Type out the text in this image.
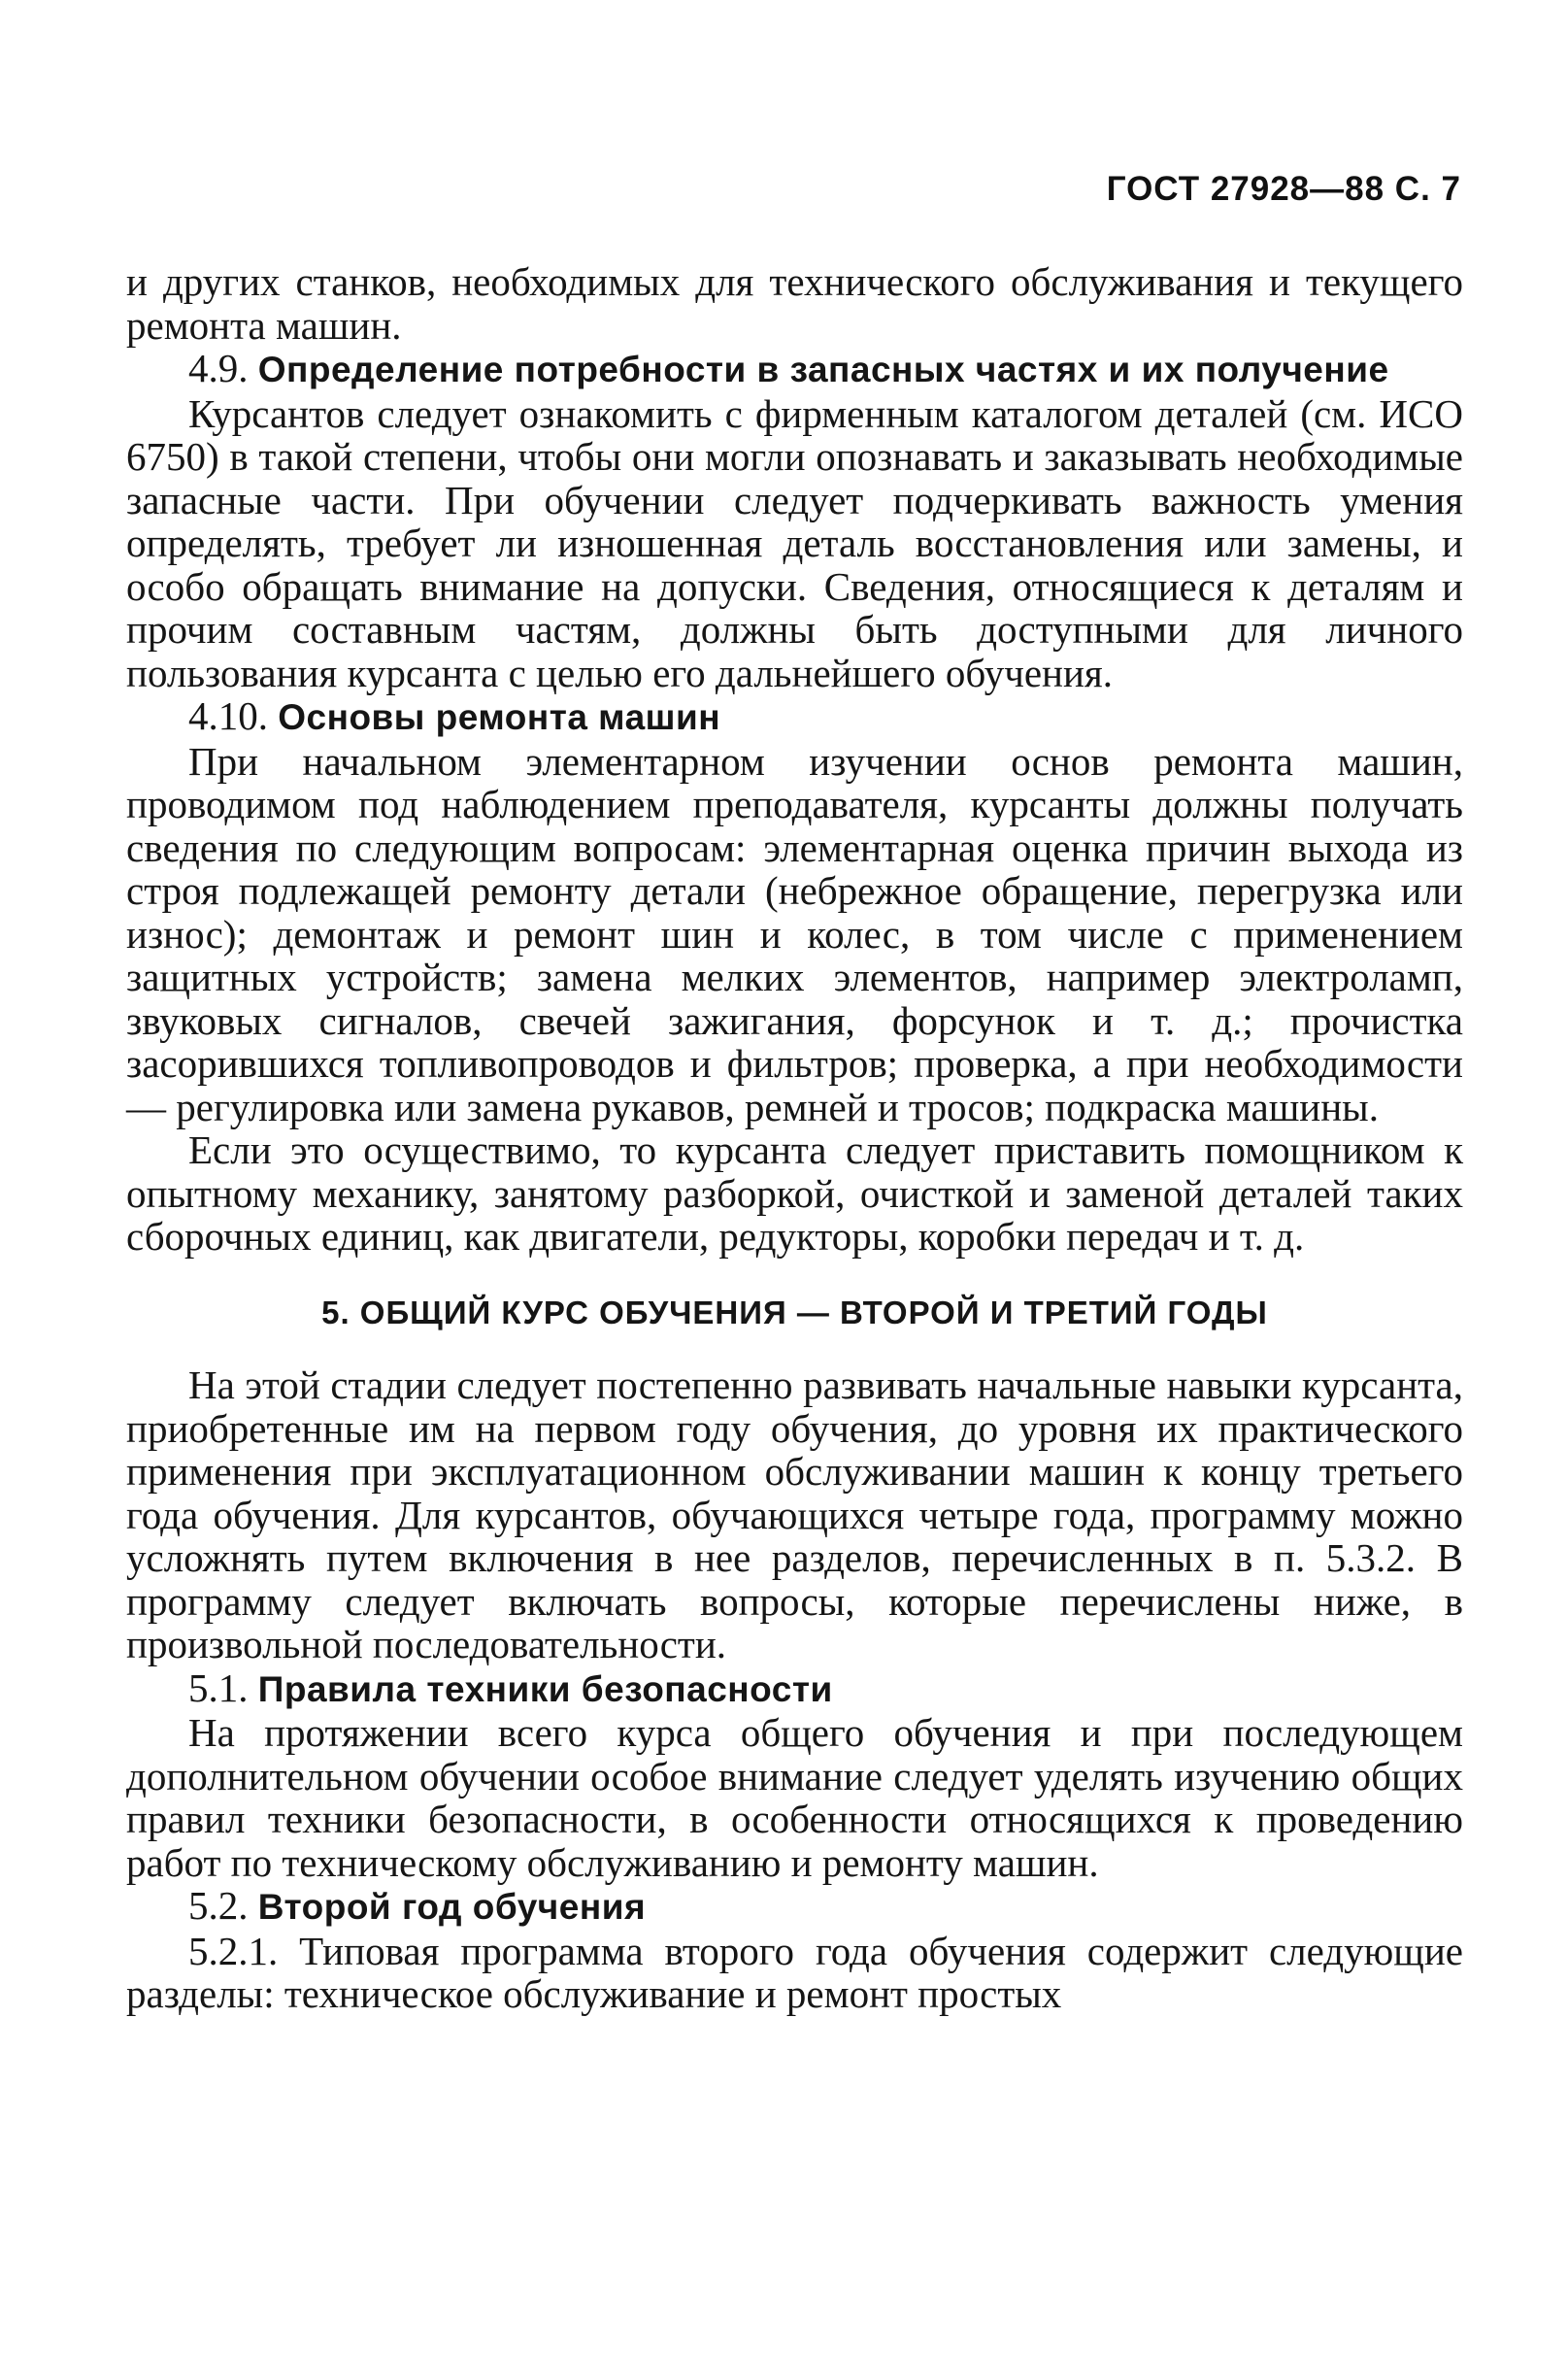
ГОСТ 27928—88 С. 7

и других станков, необходимых для технического обслуживания и текущего ремонта машин.

4.9. Определение потребности в запасных частях и их получение

Курсантов следует ознакомить с фирменным каталогом деталей (см. ИСО 6750) в такой степени, чтобы они могли опознавать и заказывать необходимые запасные части. При обучении следует подчеркивать важность умения определять, требует ли изношенная деталь восстановления или замены, и особо обращать внимание на допуски. Сведения, относящиеся к деталям и прочим составным частям, должны быть доступными для личного пользования курсанта с целью его дальнейшего обучения.

4.10. Основы ремонта машин

При начальном элементарном изучении основ ремонта машин, проводимом под наблюдением преподавателя, курсанты должны получать сведения по следующим вопросам: элементарная оценка причин выхода из строя подлежащей ремонту детали (небрежное обращение, перегрузка или износ); демонтаж и ремонт шин и колес, в том числе с применением защитных устройств; замена мелких элементов, например электроламп, звуковых сигналов, свечей зажигания, форсунок и т. д.; прочистка засорившихся топливопроводов и фильтров; проверка, а при необходимости — регулировка или замена рукавов, ремней и тросов; подкраска машины.

Если это осуществимо, то курсанта следует приставить помощником к опытному механику, занятому разборкой, очисткой и заменой деталей таких сборочных единиц, как двигатели, редукторы, коробки передач и т. д.

5. ОБЩИЙ КУРС ОБУЧЕНИЯ — ВТОРОЙ И ТРЕТИЙ ГОДЫ

На этой стадии следует постепенно развивать начальные навыки курсанта, приобретенные им на первом году обучения, до уровня их практического применения при эксплуатационном обслуживании машин к концу третьего года обучения. Для курсантов, обучающихся четыре года, программу можно усложнять путем включения в нее разделов, перечисленных в п. 5.3.2. В программу следует включать вопросы, которые перечислены ниже, в произвольной последовательности.

5.1. Правила техники безопасности

На протяжении всего курса общего обучения и при последующем дополнительном обучении особое внимание следует уделять изучению общих правил техники безопасности, в особенности относящихся к проведению работ по техническому обслуживанию и ремонту машин.

5.2. Второй год обучения

5.2.1. Типовая программа второго года обучения содержит следующие разделы: техническое обслуживание и ремонт простых
